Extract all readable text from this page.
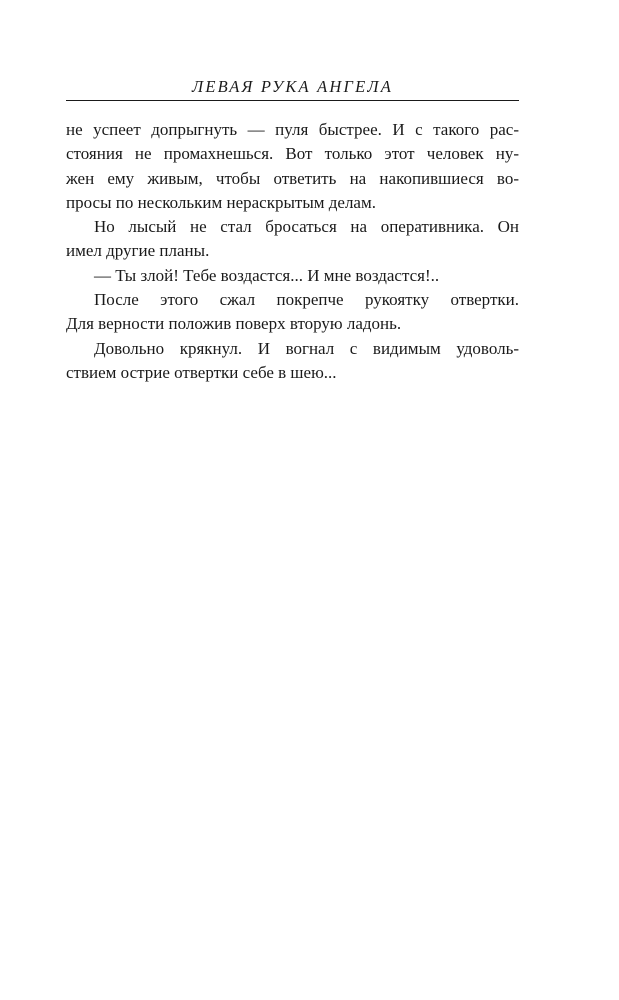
ЛЕВАЯ РУКА АНГЕЛА
не успеет допрыгнуть — пуля быстрее. И с такого рас-
стояния не промахнешься. Вот только этот человек ну-
жен ему живым, чтобы ответить на накопившиеся во-
просы по нескольким нераскрытым делам.
Но лысый не стал бросаться на оперативника. Он
имел другие планы.
— Ты злой! Тебе воздастся... И мне воздастся!..
После этого сжал покрепче рукоятку отвертки.
Для верности положив поверх вторую ладонь.
Довольно крякнул. И вогнал с видимым удоволь-
ствием острие отвертки себе в шею...
